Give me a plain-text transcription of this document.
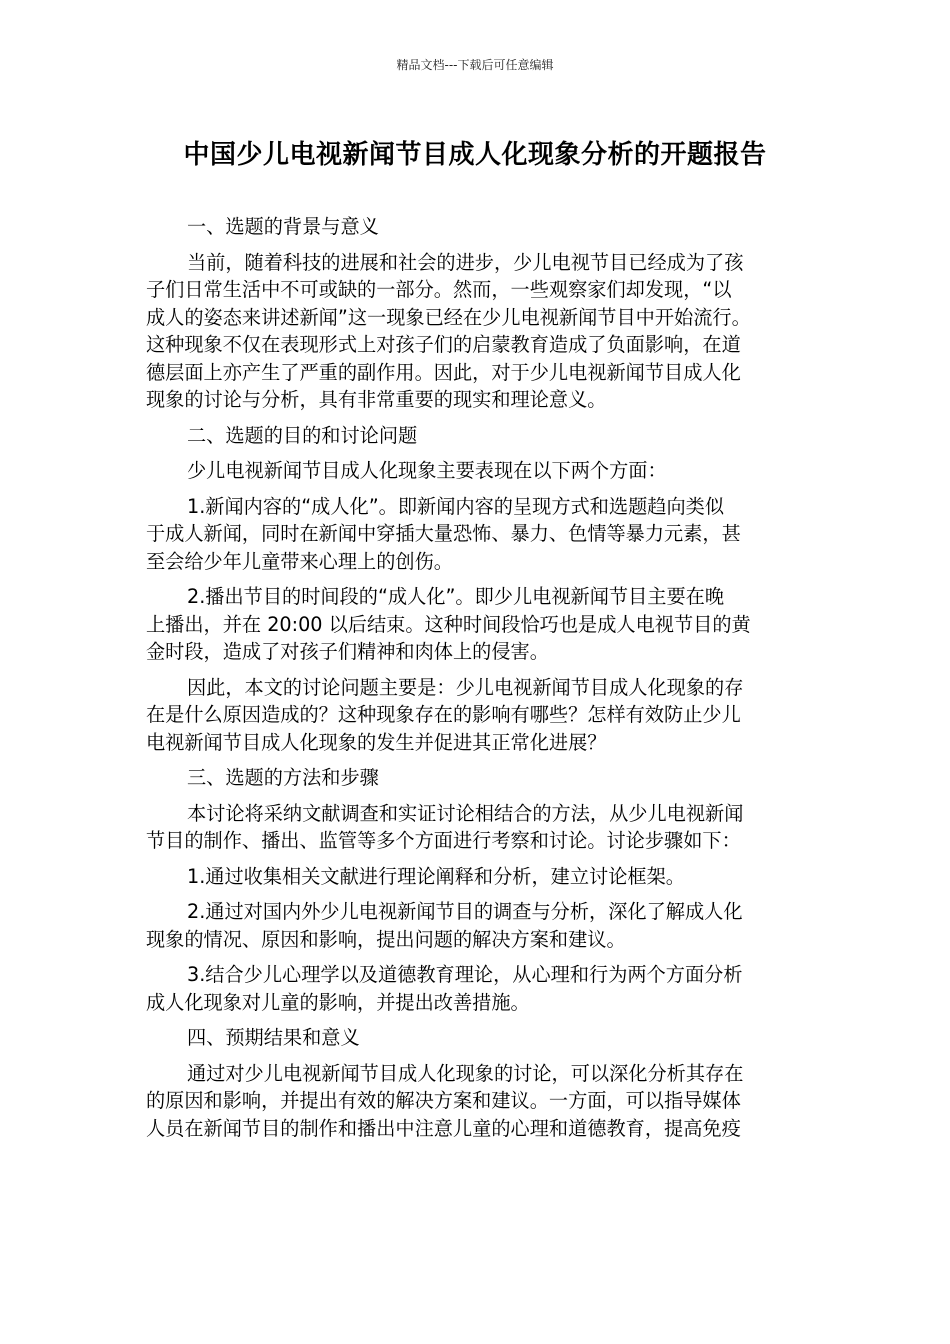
精品文档---下载后可任意编辑
中国少儿电视新闻节目成人化现象分析的开题报告
一、选题的背景与意义
当前，随着科技的进展和社会的进步，少儿电视节目已经成为了孩
子们日常生活中不可或缺的一部分。然而，一些观察家们却发现，“以
成人的姿态来讲述新闻”这一现象已经在少儿电视新闻节目中开始流行。
这种现象不仅在表现形式上对孩子们的启蒙教育造成了负面影响，在道
德层面上亦产生了严重的副作用。因此，对于少儿电视新闻节目成人化
现象的讨论与分析，具有非常重要的现实和理论意义。
二、选题的目的和讨论问题
少儿电视新闻节目成人化现象主要表现在以下两个方面：
1.新闻内容的“成人化”。即新闻内容的呈现方式和选题趋向类似
于成人新闻，同时在新闻中穿插大量恐怖、暴力、色情等暴力元素，甚
至会给少年儿童带来心理上的创伤。
2.播出节目的时间段的“成人化”。即少儿电视新闻节目主要在晚
上播出，并在 20:00 以后结束。这种时间段恰巧也是成人电视节目的黄
金时段，造成了对孩子们精神和肉体上的侵害。
因此，本文的讨论问题主要是：少儿电视新闻节目成人化现象的存
在是什么原因造成的？这种现象存在的影响有哪些？怎样有效防止少儿
电视新闻节目成人化现象的发生并促进其正常化进展？
三、选题的方法和步骤
本讨论将采纳文献调查和实证讨论相结合的方法，从少儿电视新闻
节目的制作、播出、监管等多个方面进行考察和讨论。讨论步骤如下：
1.通过收集相关文献进行理论阐释和分析，建立讨论框架。
2.通过对国内外少儿电视新闻节目的调查与分析，深化了解成人化
现象的情况、原因和影响，提出问题的解决方案和建议。
3.结合少儿心理学以及道德教育理论，从心理和行为两个方面分析
成人化现象对儿童的影响，并提出改善措施。
四、预期结果和意义
通过对少儿电视新闻节目成人化现象的讨论，可以深化分析其存在
的原因和影响，并提出有效的解决方案和建议。一方面，可以指导媒体
人员在新闻节目的制作和播出中注意儿童的心理和道德教育，提高免疫
